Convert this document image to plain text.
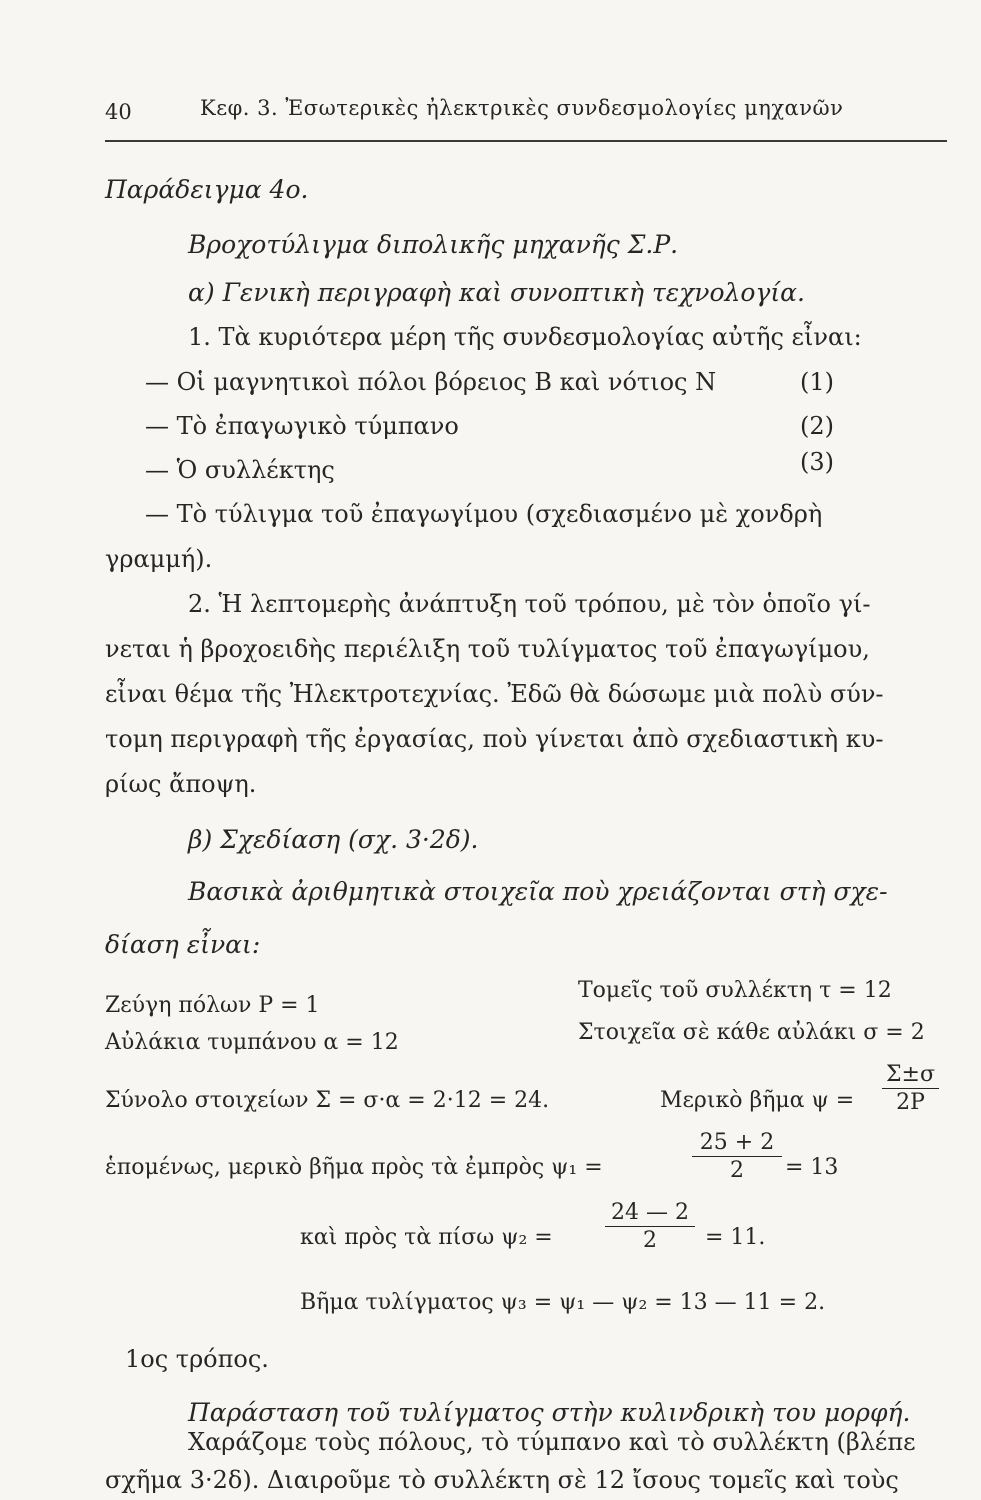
40	Κεφ. 3. Ἐσωτερικὲς ἠλεκτρικὲς συνδεσμολογίες μηχανῶν
Παράδειγμα 4ο.
Βροχοτύλιγμα διπολικῆς μηχανῆς Σ.Ρ.
α) Γενικὴ περιγραφὴ καὶ συνοπτικὴ τεχνολογία.
1. Τὰ κυριότερα μέρη τῆς συνδεσμολογίας αὐτῆς εἶναι:
— Οἱ μαγνητικοὶ πόλοι βόρειος Β καὶ νότιος Ν	(1)
— Τὸ ἐπαγωγικὸ τύμπανο	(2)
— Ὁ συλλέκτης	(3)
— Τὸ τύλιγμα τοῦ ἐπαγωγίμου (σχεδιασμένο μὲ χονδρὴ
γραμμή).
2. Ἡ λεπτομερὴς ἀνάπτυξη τοῦ τρόπου, μὲ τὸν ὁποῖο γί-
νεται ἡ βροχοειδὴς περιέλιξη τοῦ τυλίγματος τοῦ ἐπαγωγίμου,
εἶναι θέμα τῆς Ἠλεκτροτεχνίας. Ἐδῶ θὰ δώσωμε μιὰ πολὺ σύν-
τομη περιγραφὴ τῆς ἐργασίας, ποὺ γίνεται ἀπὸ σχεδιαστικὴ κυ-
ρίως ἄποψη.
β) Σχεδίαση (σχ. 3·2δ).
Βασικὰ ἀριθμητικὰ στοιχεῖα ποὺ χρειάζονται στὴ σχε-
δίαση εἶναι:
Ζεύγη πόλων Ρ = 1
Τομεῖς τοῦ συλλέκτη τ = 12
Αὐλάκια τυμπάνου α = 12	Στοιχεῖα σὲ κάθε αὐλάκι σ = 2
Σύνολο στοιχείων Σ = σ·α = 2·12 = 24.	Μερικὸ βῆμα ψ =
Σ±σ
2Ρ
ἑπομένως, μερικὸ βῆμα πρὸς τὰ ἐμπρὸς ψ₁ =
25 + 2
2	= 13
καὶ πρὸς τὰ πίσω ψ₂ =
24 — 2
2	= 11.
Βῆμα τυλίγματος ψ₃ = ψ₁ — ψ₂ = 13 — 11 = 2.
1ος τρόπος.
Παράσταση τοῦ τυλίγματος στὴν κυλινδρικὴ του μορφή.
Χαράζομε τοὺς πόλους, τὸ τύμπανο καὶ τὸ συλλέκτη (βλέπε
σχῆμα 3·2δ). Διαιροῦμε τὸ συλλέκτη σὲ 12 ἴσους τομεῖς καὶ τοὺς
